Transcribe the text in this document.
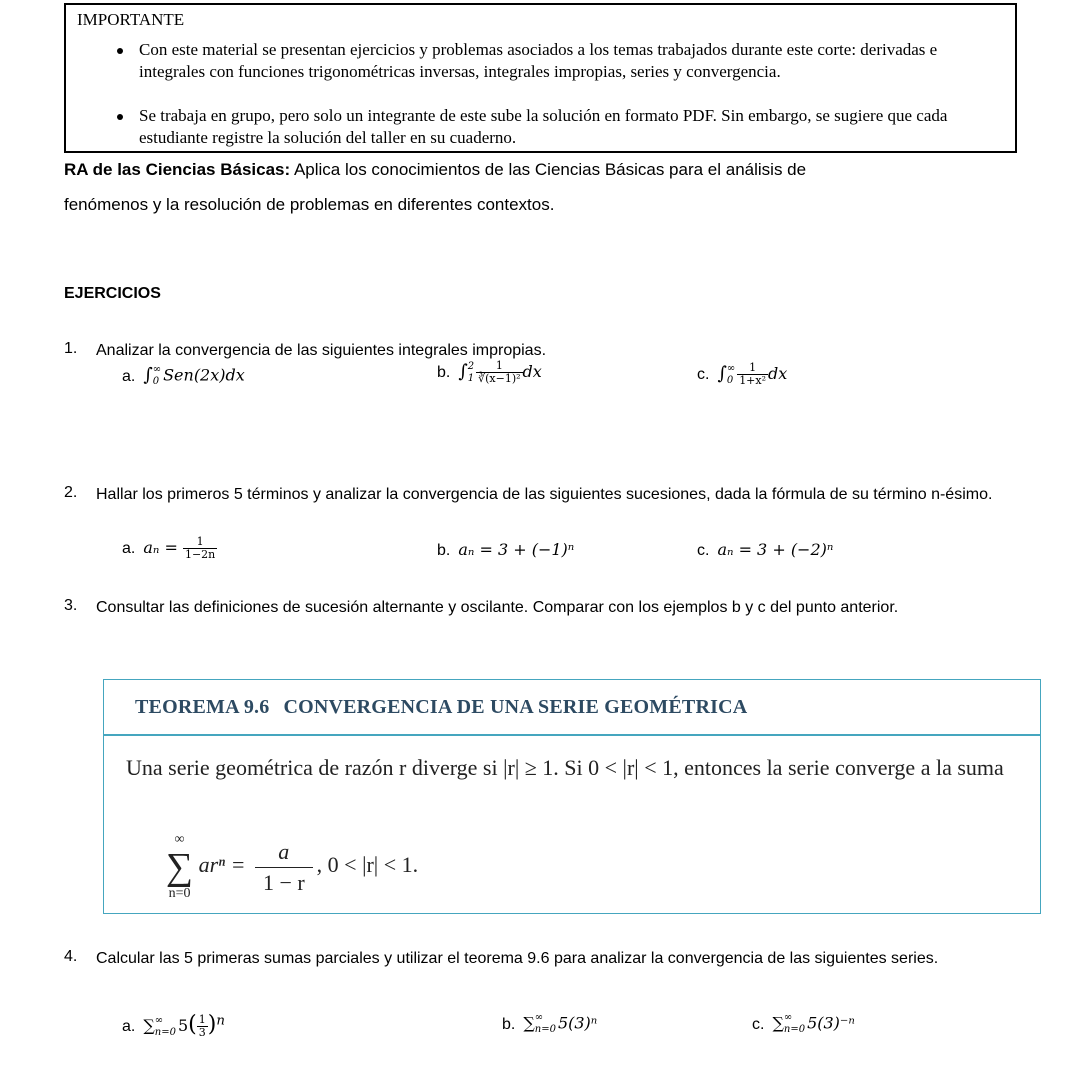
IMPORTANTE
Con este material se presentan ejercicios y problemas asociados a los temas trabajados durante este corte: derivadas e integrales con funciones trigonométricas inversas, integrales impropias, series y convergencia.
Se trabaja en grupo, pero solo un integrante de este sube la solución en formato PDF. Sin embargo, se sugiere que cada estudiante registre la solución del taller en su cuaderno.
RA de las Ciencias Básicas: Aplica los conocimientos de las Ciencias Básicas para el análisis de
fenómenos y la resolución de problemas en diferentes contextos.
EJERCICIOS
1. Analizar la convergencia de las siguientes integrales impropias.
a. ∫ ∞
0 Sen(2x)dx	b. ∫ 2
$1 \frac{1}{\text{∛(x−1)²}}$ dx	c. ∫ ∞
$0 \frac{1}{\text{1+x²}}$ dx
2. Hallar los primeros 5 términos y analizar la convergencia de las siguientes sucesiones, dada la fórmula de su término n-ésimo.
a. $a_n = \frac{1}{1-2n}$	b. aₙ = 3 + (−1)ⁿ	c. aₙ = 3 + (−2)ⁿ
3. Consultar las definiciones de sucesión alternante y oscilante. Comparar con los ejemplos b y c del punto anterior.
TEOREMA 9.6 CONVERGENCIA DE UNA SERIE GEOMÉTRICA
Una serie geométrica de razón r diverge si |r| ≥ 1. Si 0 < |r| < 1, entonces la serie converge a la suma
∞
∑
n=0
$ar^n = \frac{a}{1 - r}$ , 0 < |r| < 1.
4. Calcular las 5 primeras sumas parciales y utilizar el teorema 9.6 para analizar la convergencia de las siguientes series.
a. ∑ ∞
n=0 $5( \frac{1}{3} )^n$	b. ∑ ∞
n=0 5(3)ⁿ	c. ∑ ∞
n=0 5(3)⁻ⁿ
